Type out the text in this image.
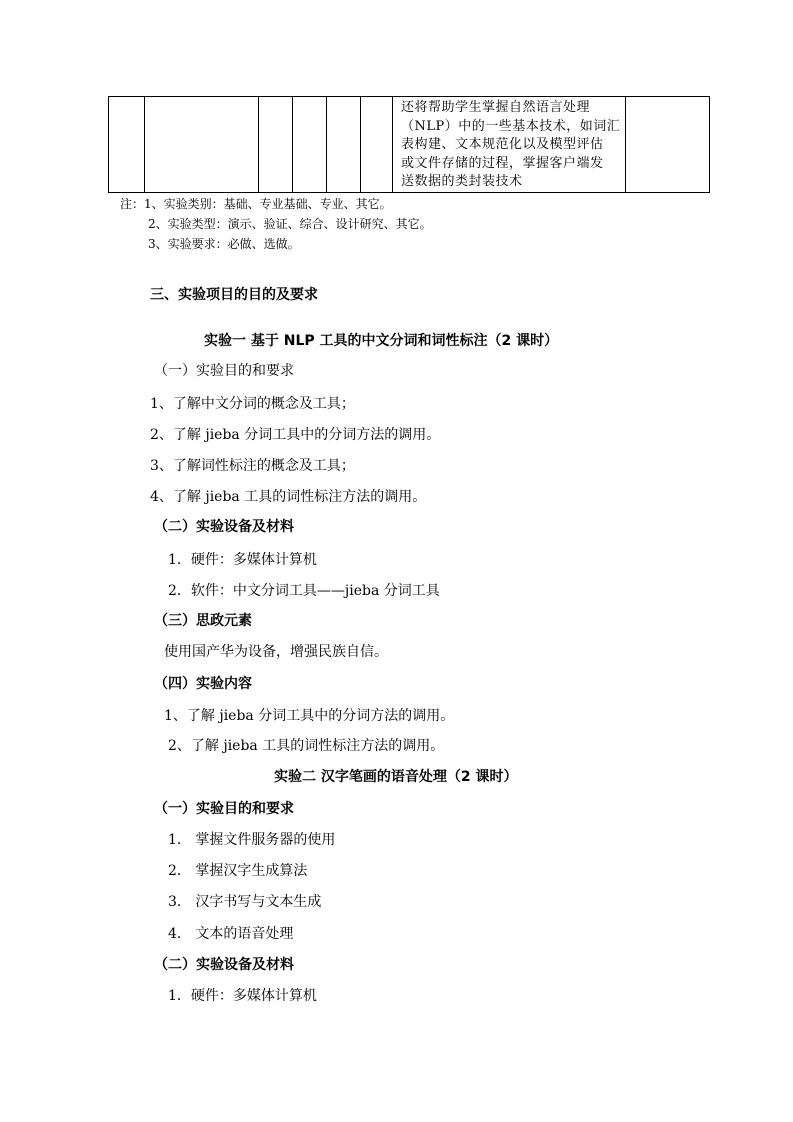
还将帮助学生掌握自然语言处理
（NLP）中的一些基本技术，如词汇
表构建、文本规范化以及模型评估
或文件存储的过程，掌握客户端发
送数据的类封装技术

注：1、实验类别：基础、专业基础、专业、其它。
2、实验类型：演示、验证、综合、设计研究、其它。
3、实验要求：必做、选做。
三、实验项目的目的及要求
实验一 基于 NLP 工具的中文分词和词性标注（2 课时）
（一）实验目的和要求
1、了解中文分词的概念及工具；
2、了解 jieba 分词工具中的分词方法的调用。
3、了解词性标注的概念及工具；
4、了解 jieba 工具的词性标注方法的调用。
（二）实验设备及材料
1．硬件：多媒体计算机
2．软件：中文分词工具——jieba 分词工具
（三）思政元素
使用国产华为设备，增强民族自信。
（四）实验内容
1、了解 jieba 分词工具中的分词方法的调用。
2、了解 jieba 工具的词性标注方法的调用。
实验二 汉字笔画的语音处理（2 课时）
（一）实验目的和要求
1． 掌握文件服务器的使用
2． 掌握汉字生成算法
3． 汉字书写与文本生成
4． 文本的语音处理
（二）实验设备及材料
1．硬件：多媒体计算机
